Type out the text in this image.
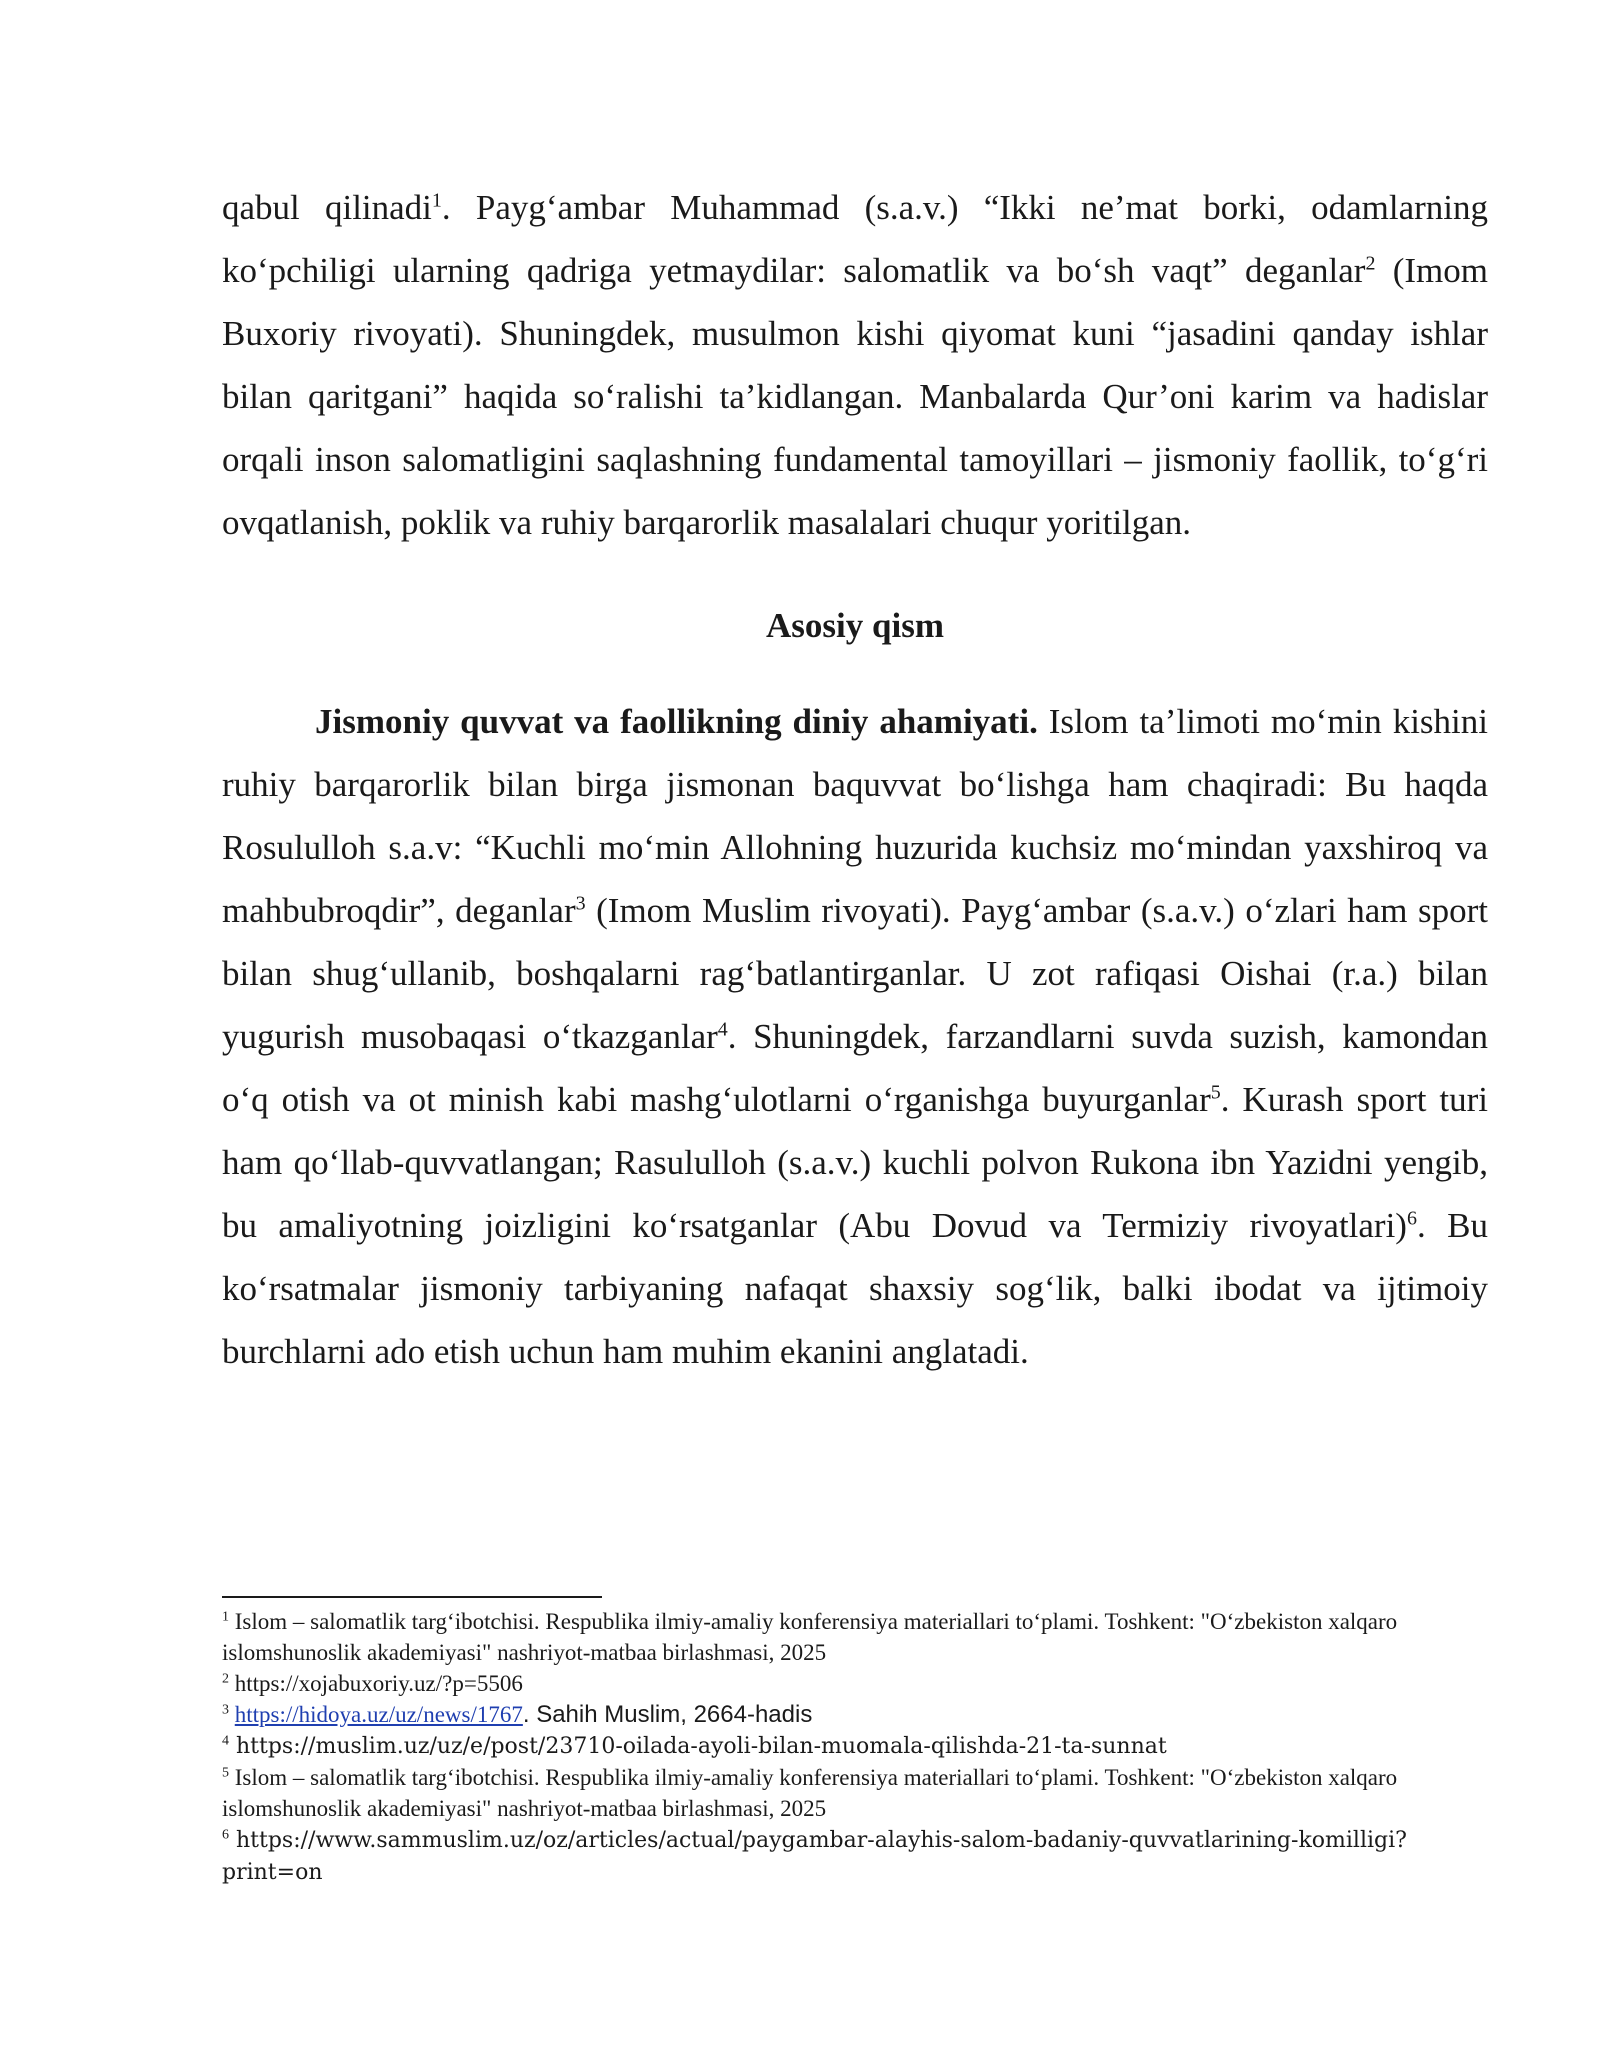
qabul qilinadi$^1$. Payg‘ambar Muhammad (s.a.v.) “Ikki ne’mat borki, odamlarning ko‘pchiligi ularning qadriga yetmaydilar: salomatlik va bo‘sh vaqt” deganlar$^2$ (Imom Buxoriy rivoyati). Shuningdek, musulmon kishi qiyomat kuni “jasadini qanday ishlar bilan qaritgani” haqida so‘ralishi ta’kidlangan. Manbalarda Qur’oni karim va hadislar orqali inson salomatligini saqlashning fundamental tamoyillari – jismoniy faollik, to‘g‘ri ovqatlanish, poklik va ruhiy barqarorlik masalalari chuqur yoritilgan.

Asosiy qism

Jismoniy quvvat va faollikning diniy ahamiyati. Islom ta’limoti mo‘min kishini ruhiy barqarorlik bilan birga jismonan baquvvat bo‘lishga ham chaqiradi: Bu haqda Rosululloh s.a.v: “Kuchli mo‘min Allohning huzurida kuchsiz mo‘mindan yaxshiroq va mahbubroqdir”, deganlar$^3$ (Imom Muslim rivoyati). Payg‘ambar (s.a.v.) o‘zlari ham sport bilan shug‘ullanib, boshqalarni rag‘batlantirganlar. U zot rafiqasi Oishai (r.a.) bilan yugurish musobaqasi o‘tkazganlar$^4$. Shuningdek, farzandlarni suvda suzish, kamondan o‘q otish va ot minish kabi mashg‘ulotlarni o‘rganishga buyurganlar$^5$. Kurash sport turi ham qo‘llab-quvvatlangan; Rasululloh (s.a.v.) kuchli polvon Rukona ibn Yazidni yengib, bu amaliyotning joizligini ko‘rsatganlar (Abu Dovud va Termiziy rivoyatlari)$^6$. Bu ko‘rsatmalar jismoniy tarbiyaning nafaqat shaxsiy sog‘lik, balki ibodat va ijtimoiy burchlarni ado etish uchun ham muhim ekanini anglatadi.

$^1$ Islom – salomatlik targ‘ibotchisi. Respublika ilmiy-amaliy konferensiya materiallari to‘plami. Toshkent: "O‘zbekiston xalqaro islomshunoslik akademiyasi" nashriyot-matbaa birlashmasi, 2025
$^2$ https://xojabuxoriy.uz/?p=5506
$^3$ https://hidoya.uz/uz/news/1767. Sahih Muslim, 2664-hadis
$^4$ https://muslim.uz/uz/e/post/23710-oilada-ayoli-bilan-muomala-qilishda-21-ta-sunnat
$^5$ Islom – salomatlik targ‘ibotchisi. Respublika ilmiy-amaliy konferensiya materiallari to‘plami. Toshkent: "O‘zbekiston xalqaro islomshunoslik akademiyasi" nashriyot-matbaa birlashmasi, 2025
$^6$ https://www.sammuslim.uz/oz/articles/actual/paygambar-alayhis-salom-badaniy-quvvatlarining-komilligi?print=on
